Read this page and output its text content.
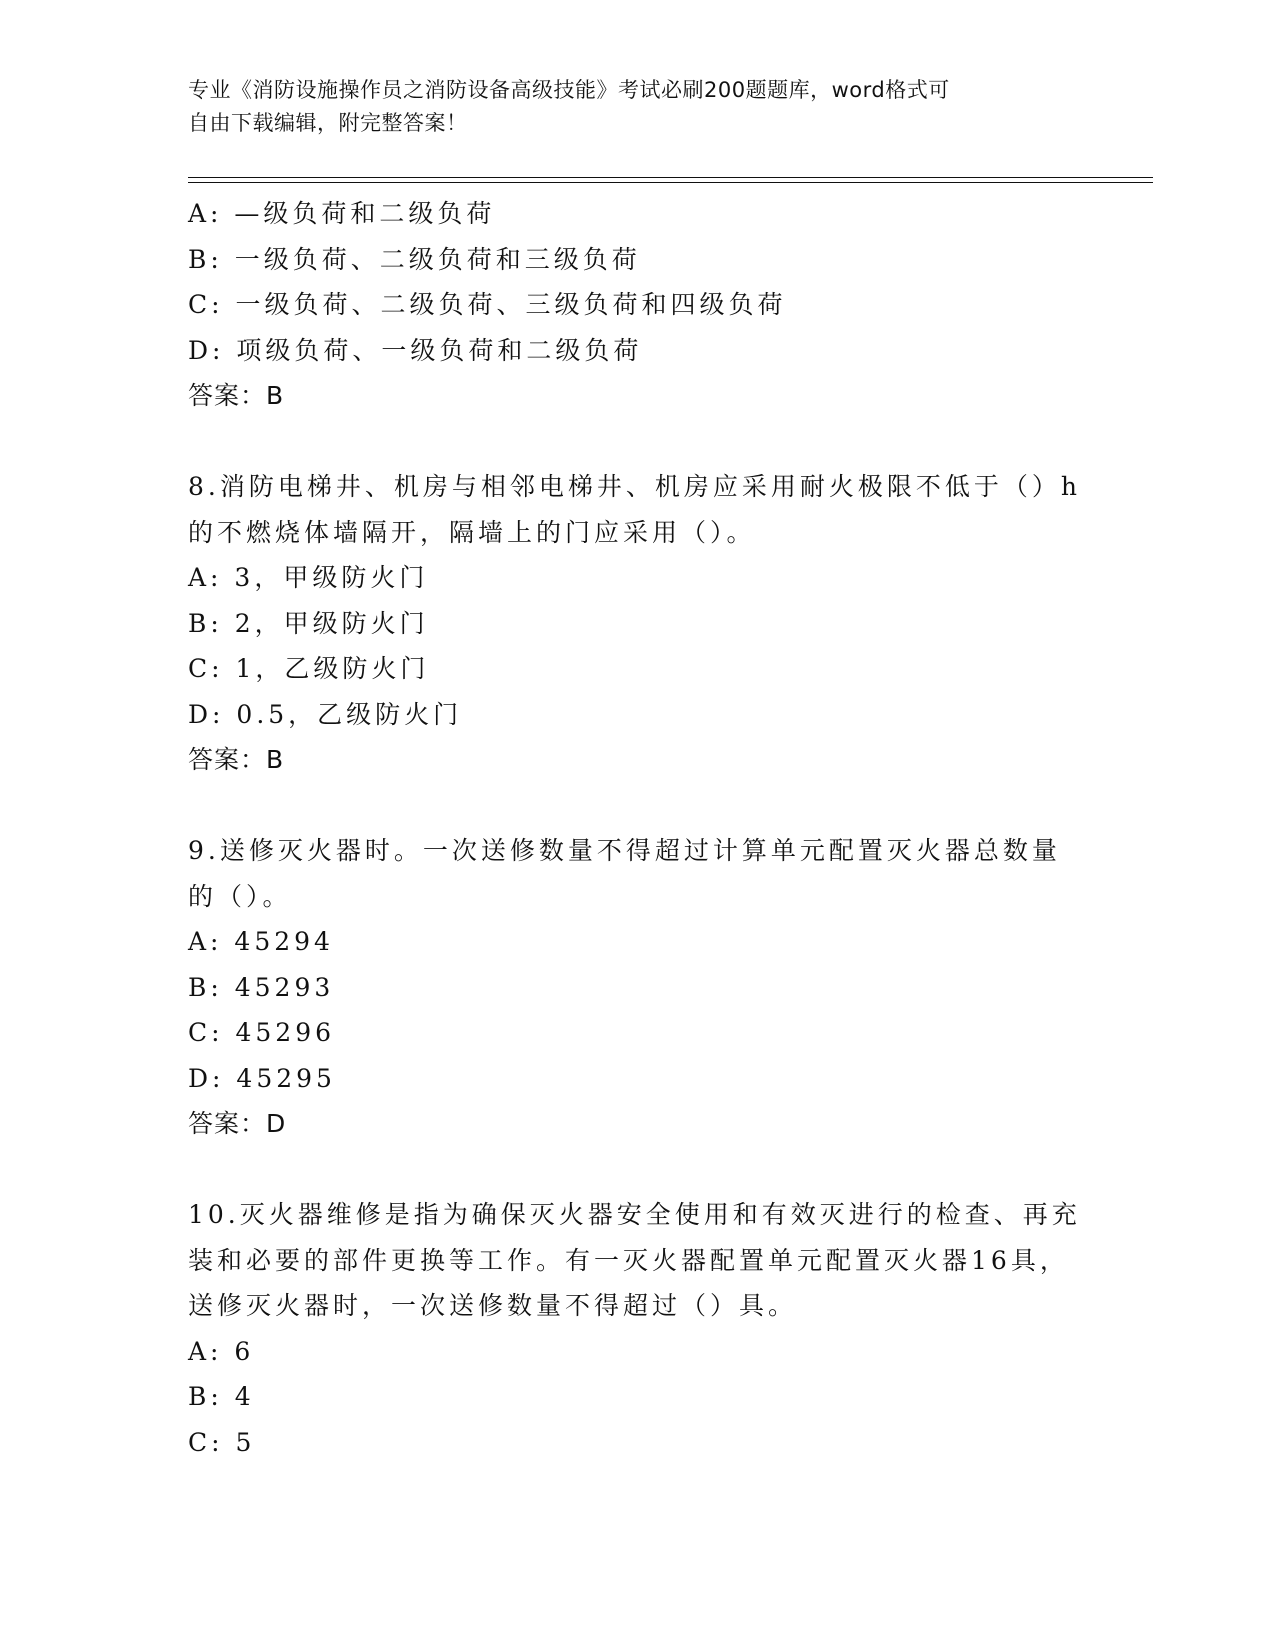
专业《消防设施操作员之消防设备高级技能》考试必刷200题题库，word格式可
自由下载编辑，附完整答案！
A: —级负荷和二级负荷
B: 一级负荷、二级负荷和三级负荷
C: 一级负荷、二级负荷、三级负荷和四级负荷
D: 项级负荷、一级负荷和二级负荷
答案：B
8.消防电梯井、机房与相邻电梯井、机房应采用耐火极限不低于（）h
的不燃烧体墙隔开，隔墙上的门应采用（）。
A: 3，甲级防火门
B: 2，甲级防火门
C: 1，乙级防火门
D: 0.5，乙级防火门
答案：B
9.送修灭火器时。一次送修数量不得超过计算单元配置灭火器总数量
的（）。
A: 45294
B: 45293
C: 45296
D: 45295
答案：D
10.灭火器维修是指为确保灭火器安全使用和有效灭进行的检查、再充
装和必要的部件更换等工作。有一灭火器配置单元配置灭火器16具，
送修灭火器时，一次送修数量不得超过（）具。
A: 6
B: 4
C: 5
